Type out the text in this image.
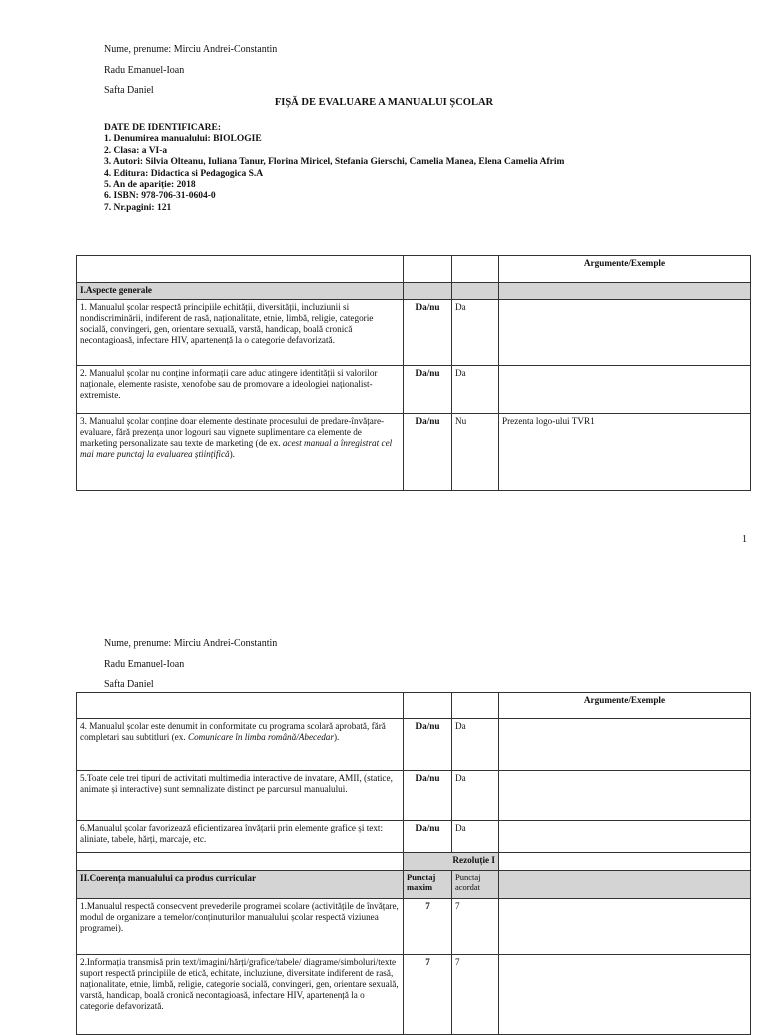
Nume, prenume: Mirciu Andrei-Constantin
Radu Emanuel-Ioan
Safta Daniel
FIȘĂ DE EVALUARE A MANUALUI ȘCOLAR
DATE DE IDENTIFICARE:
1. Denumirea manualului: BIOLOGIE
2. Clasa: a VI-a
3. Autori: Silvia Olteanu, Iuliana Tanur, Florina Miricel, Stefania Gierschi, Camelia Manea, Elena Camelia Afrim
4. Editura: Didactica si Pedagogica S.A
5. An de apariție: 2018
6. ISBN: 978-706-31-0604-0
7. Nr.pagini: 121
			Argumente/Exemple
I.Aspecte generale			
1. Manualul școlar respectă principiile echității, diversității, incluziunii si nondiscriminării, indiferent de rasă, naționalitate, etnie, limbă, religie, categorie socială, convingeri, gen, orientare sexuală, varstă, handicap, boală cronică necontagioasă, infectare HIV, apartenență la o categorie defavorizată.	Da/nu	Da	
2. Manualul școlar nu conține informații care aduc atingere identității si valorilor naționale, elemente rasiste, xenofobe sau de promovare a ideologiei naționalist-extremiste.	Da/nu	Da	
3. Manualul școlar conține doar elemente destinate procesului de predare-învățare-evaluare, fără prezența unor logouri sau vignete suplimentare ca elemente de marketing personalizate sau texte de marketing (de ex. acest manual a înregistrat cel mai mare punctaj la evaluarea științifică).	Da/nu	Nu	Prezenta logo-ului TVR1
1
Nume, prenume: Mirciu Andrei-Constantin
Radu Emanuel-Ioan
Safta Daniel
			Argumente/Exemple
4. Manualul școlar este denumit in conformitate cu programa scolară aprobată, fără completari sau subtitluri (ex. Comunicare în limba română/Abecedar).	Da/nu	Da	
5.Toate cele trei tipuri de activitati multimedia interactive de invatare, AMII, (statice, animate și interactive) sunt semnalizate distinct pe parcursul manualului.	Da/nu	Da	
6.Manualul școlar favorizează eficientizarea învățarii prin elemente grafice și text: aliniate, tabele, hărți, marcaje, etc.	Da/nu	Da	
	Rezoluție I		
II.Coerența manualului ca produs curricular	Punctaj maxim	Punctaj acordat	
1.Manualul respectă consecvent prevederile programei scolare (activitățile de învățare, modul de organizare a temelor/conținuturilor manualului școlar respectă viziunea programei).	7	7	
2.Informația transmisă prin text/imagini/hărți/grafice/tabele/ diagrame/simboluri/texte suport respectă principiile de etică, echitate, incluziune, diversitate indiferent de rasă, naționalitate, etnie, limbă, religie, categorie socială, convingeri, gen, orientare sexuală, varstă, handicap, boală cronică necontagioasă, infectare HIV, apartenență la o categorie defavorizată.	7	7	
